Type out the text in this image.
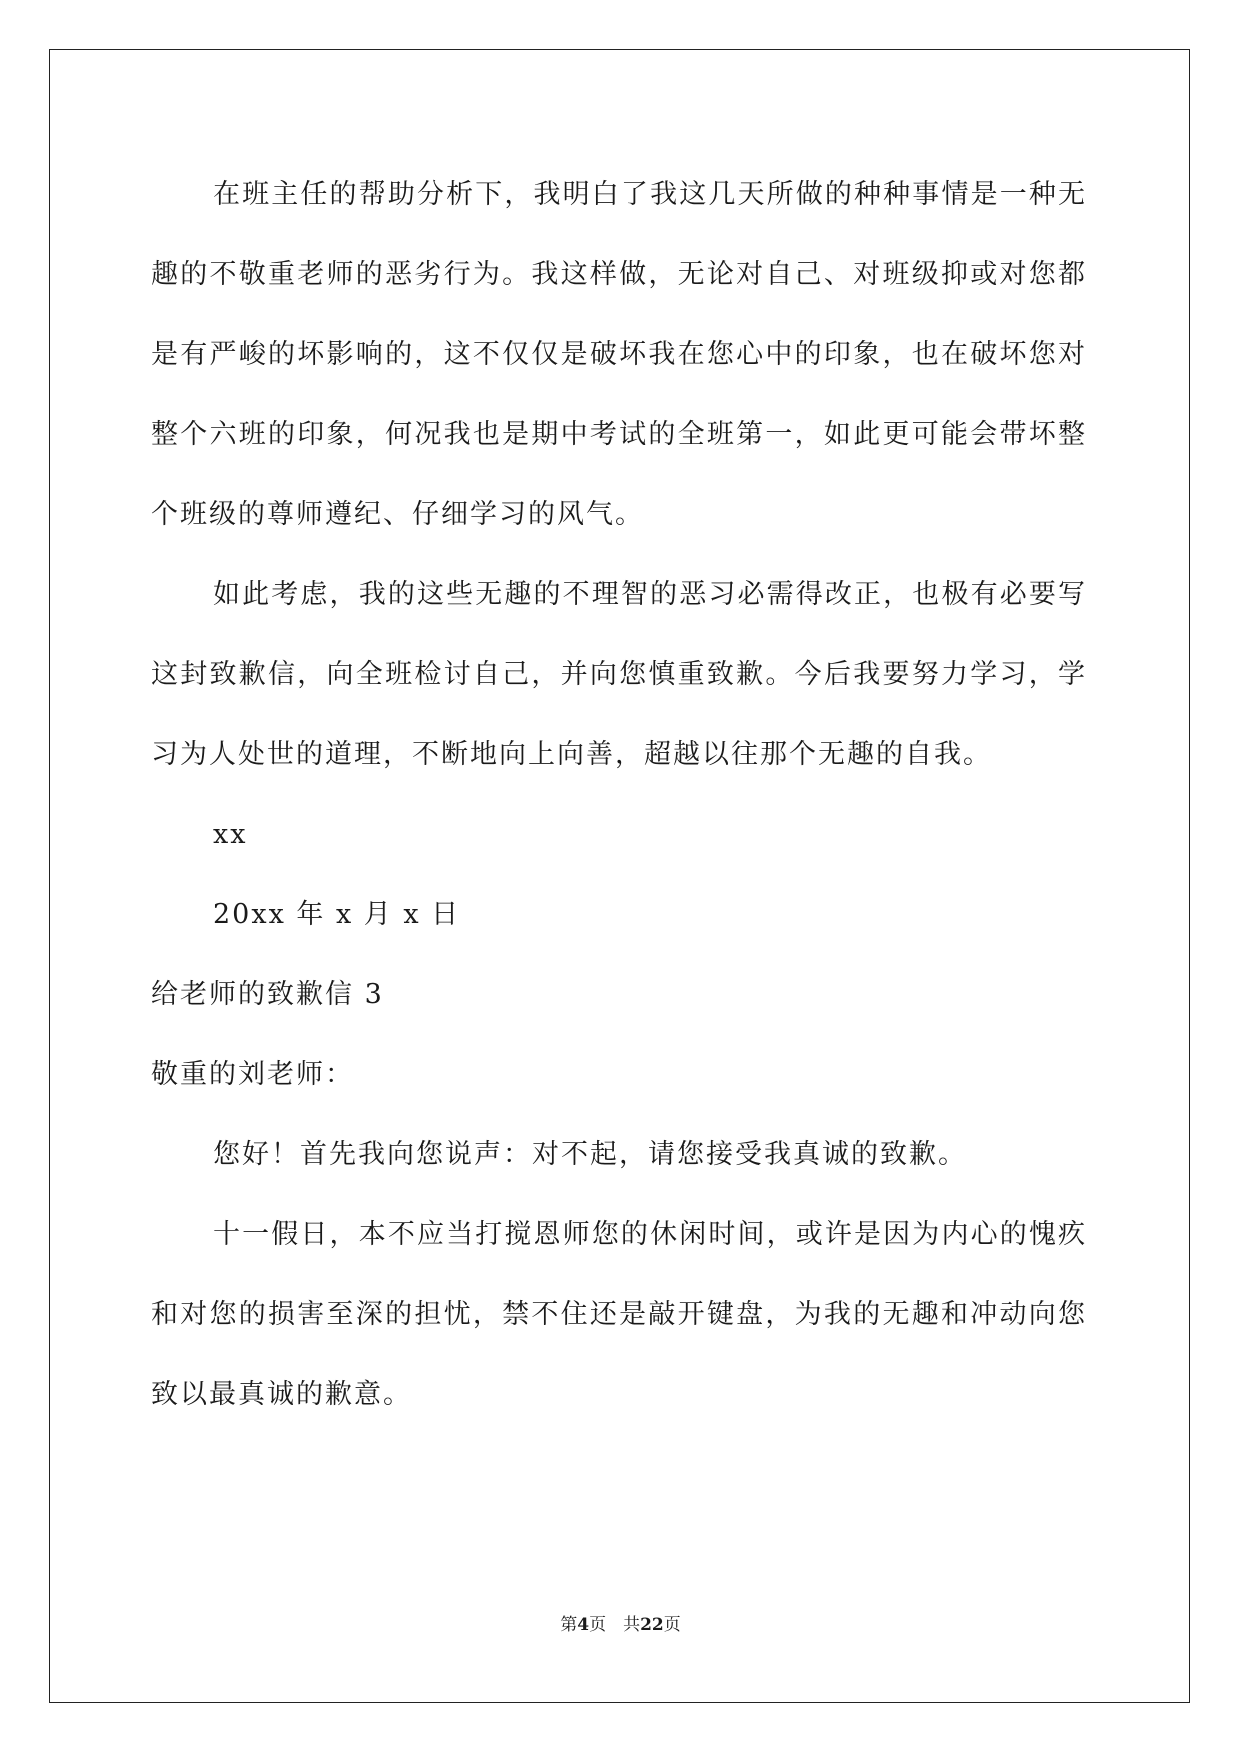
在班主任的帮助分析下，我明白了我这几天所做的种种事情是一种无趣的不敬重老师的恶劣行为。我这样做，无论对自己、对班级抑或对您都是有严峻的坏影响的，这不仅仅是破坏我在您心中的印象，也在破坏您对整个六班的印象，何况我也是期中考试的全班第一，如此更可能会带坏整个班级的尊师遵纪、仔细学习的风气。

如此考虑，我的这些无趣的不理智的恶习必需得改正，也极有必要写这封致歉信，向全班检讨自己，并向您慎重致歉。今后我要努力学习，学习为人处世的道理，不断地向上向善，超越以往那个无趣的自我。

xx

20xx 年 x 月 x 日

给老师的致歉信 3

敬重的刘老师：

您好！首先我向您说声：对不起，请您接受我真诚的致歉。

十一假日，本不应当打搅恩师您的休闲时间，或许是因为内心的愧疚和对您的损害至深的担忧，禁不住还是敲开键盘，为我的无趣和冲动向您致以最真诚的歉意。

第4页　共22页
